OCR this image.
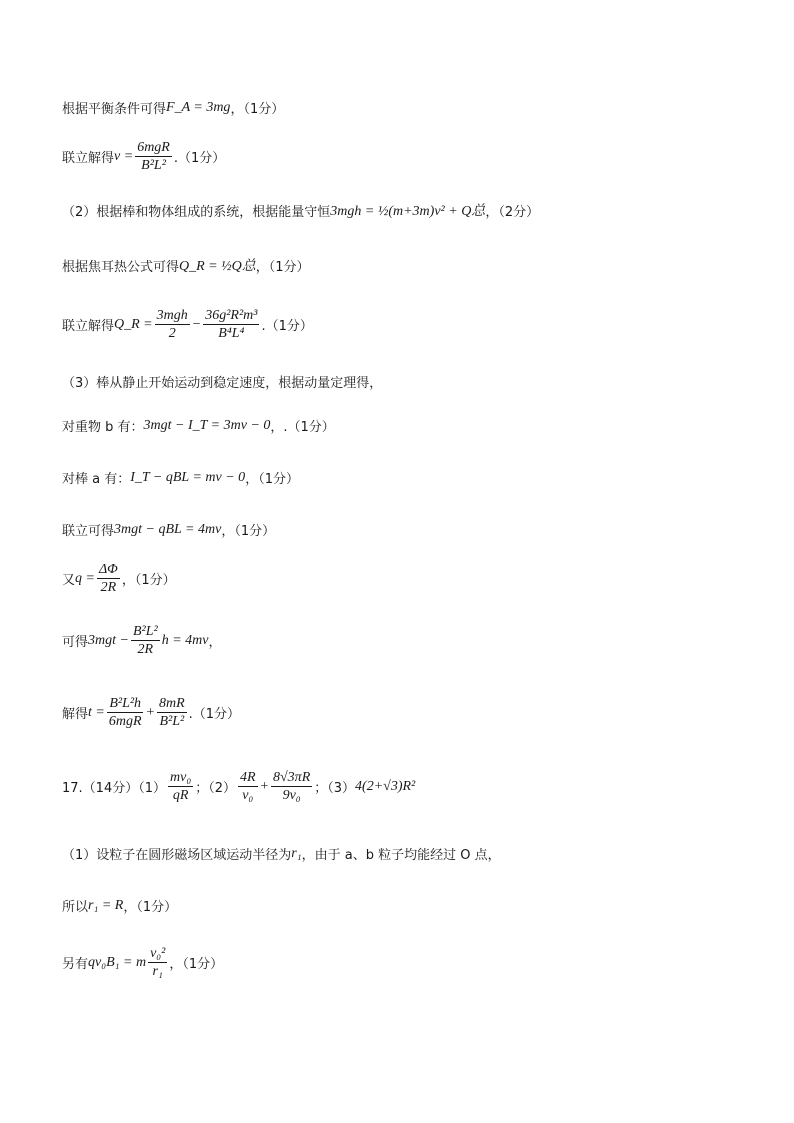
根据平衡条件可得 F_A = 3mg ，（1分）
联立解得 $v = \frac{\text{6mgR}}{\text{B²L²}} .(1$分）
（2）根据棒和物体组成的系统，根据能量守恒 3mgh = ½(m+3m)v² + Q总 ，（2分）
根据焦耳热公式可得 Q_R = ½Q总 ，（1分）
联立解得 Q_R = $\frac{\text{3mgh}}{2} - \frac{\text{36g²R²m³}}{\text{B⁴L⁴}} .(1$分）
（3）棒从静止开始运动到稳定速度，根据动量定理得，
对重物 b 有： 3mgt − I_T = 3mv − 0 ，.（1分）
对棒 a 有： I_T − qBL = mv − 0 ，（1分）
联立可得 3mgt − qBL = 4mv ，（1分）
又 $q = \frac{\Delta\Phi}{2R}$ ，（1分）
可得 $3mgt - \frac{\text{B²L²}}{2R}$ h = 4mv ，
解得 $t = \frac{\text{B²L²h}}{\text{6mgR}} + \frac{8mR}{\text{B²L²}} .(1$分）
17.（14分）$(1) \frac{\text{mv₀}}{qR}$ ；$(2) \frac{4R}{\text{v₀}} + \frac{8√3\pi R}{\text{9v₀}}$ ；（3） 4(2+√3)R²
（1）设粒子在圆形磁场区域运动半径为 r₁ ，由于 a、b 粒子均能经过 O 点，
所以 r₁ = R ，（1分）
另有 qv₀B₁ = m $\frac{\text{v₀²}}{\text{r₁}}$ ，（1分）
